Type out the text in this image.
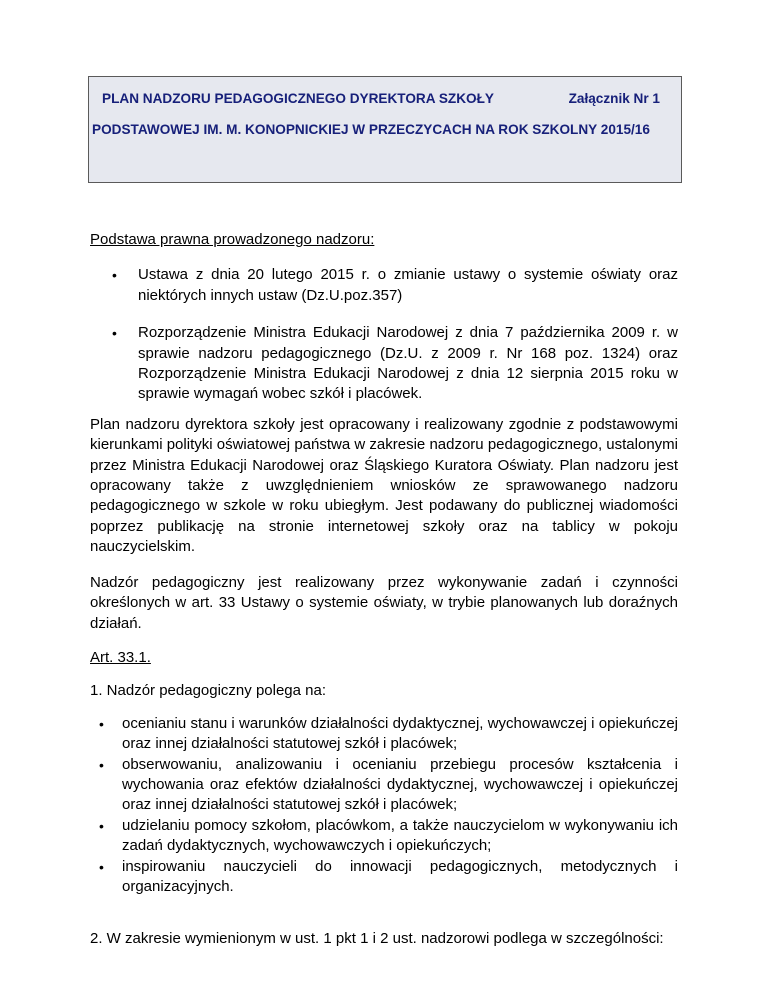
PLAN NADZORU PEDAGOGICZNEGO DYREKTORA SZKOŁY	Załącznik Nr 1
PODSTAWOWEJ IM. M. KONOPNICKIEJ W PRZECZYCACH NA ROK SZKOLNY 2015/16

Podstawa prawna prowadzonego nadzoru:

• Ustawa z dnia 20 lutego 2015 r. o zmianie ustawy o systemie oświaty oraz niektórych innych ustaw (Dz.U.poz.357)
• Rozporządzenie Ministra Edukacji Narodowej z dnia 7 października 2009 r. w sprawie nadzoru pedagogicznego (Dz.U. z 2009 r. Nr 168 poz. 1324) oraz Rozporządzenie Ministra Edukacji Narodowej z dnia 12 sierpnia 2015 roku w sprawie wymagań wobec szkół i placówek.

Plan nadzoru dyrektora szkoły jest opracowany i realizowany zgodnie z podstawowymi kierunkami polityki oświatowej państwa w zakresie nadzoru pedagogicznego, ustalonymi przez Ministra Edukacji Narodowej oraz Śląskiego Kuratora Oświaty. Plan nadzoru jest opracowany także z uwzględnieniem wniosków ze sprawowanego nadzoru pedagogicznego w szkole w roku ubiegłym. Jest podawany do publicznej wiadomości poprzez publikację na stronie internetowej szkoły oraz na tablicy w pokoju nauczycielskim.

Nadzór pedagogiczny jest realizowany przez wykonywanie zadań i czynności określonych w art. 33 Ustawy o systemie oświaty, w trybie planowanych lub doraźnych działań.

Art. 33.1.

1. Nadzór pedagogiczny polega na:

• ocenianiu stanu i warunków działalności dydaktycznej, wychowawczej i opiekuńczej oraz innej działalności statutowej szkół i placówek;
• obserwowaniu, analizowaniu i ocenianiu przebiegu procesów kształcenia i wychowania oraz efektów działalności dydaktycznej, wychowawczej i opiekuńczej oraz innej działalności statutowej szkół i placówek;
• udzielaniu pomocy szkołom, placówkom, a także nauczycielom w wykonywaniu ich zadań dydaktycznych, wychowawczych i opiekuńczych;
• inspirowaniu nauczycieli do innowacji pedagogicznych, metodycznych i organizacyjnych.

2. W zakresie wymienionym w ust. 1 pkt 1 i 2 ust. nadzorowi podlega w szczególności:
